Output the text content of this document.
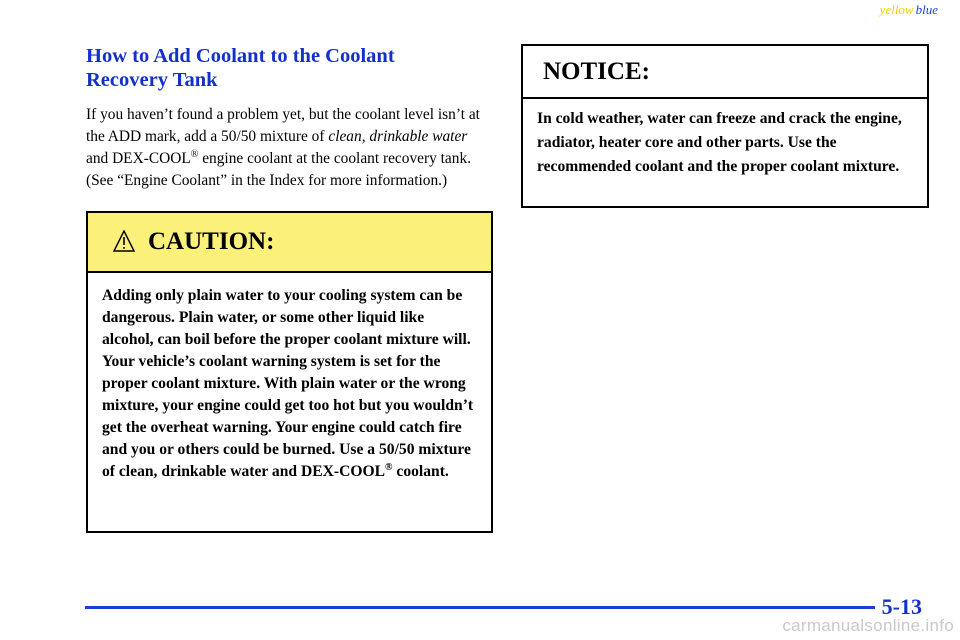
yellow blue
How to Add Coolant to the Coolant
Recovery Tank

If you haven’t found a problem yet, but the coolant level isn’t at the ADD mark, add a 50/50 mixture of clean, drinkable water and DEX-COOL® engine coolant at the coolant recovery tank. (See “Engine Coolant” in the Index for more information.)

CAUTION:
Adding only plain water to your cooling system can be dangerous. Plain water, or some other liquid like alcohol, can boil before the proper coolant mixture will. Your vehicle’s coolant warning system is set for the proper coolant mixture. With plain water or the wrong mixture, your engine could get too hot but you wouldn’t get the overheat warning. Your engine could catch fire and you or others could be burned. Use a 50/50 mixture of clean, drinkable water and DEX-COOL® coolant.
NOTICE:
In cold weather, water can freeze and crack the engine, radiator, heater core and other parts. Use the recommended coolant and the proper coolant mixture.
5-13
carmanualsonline.info
